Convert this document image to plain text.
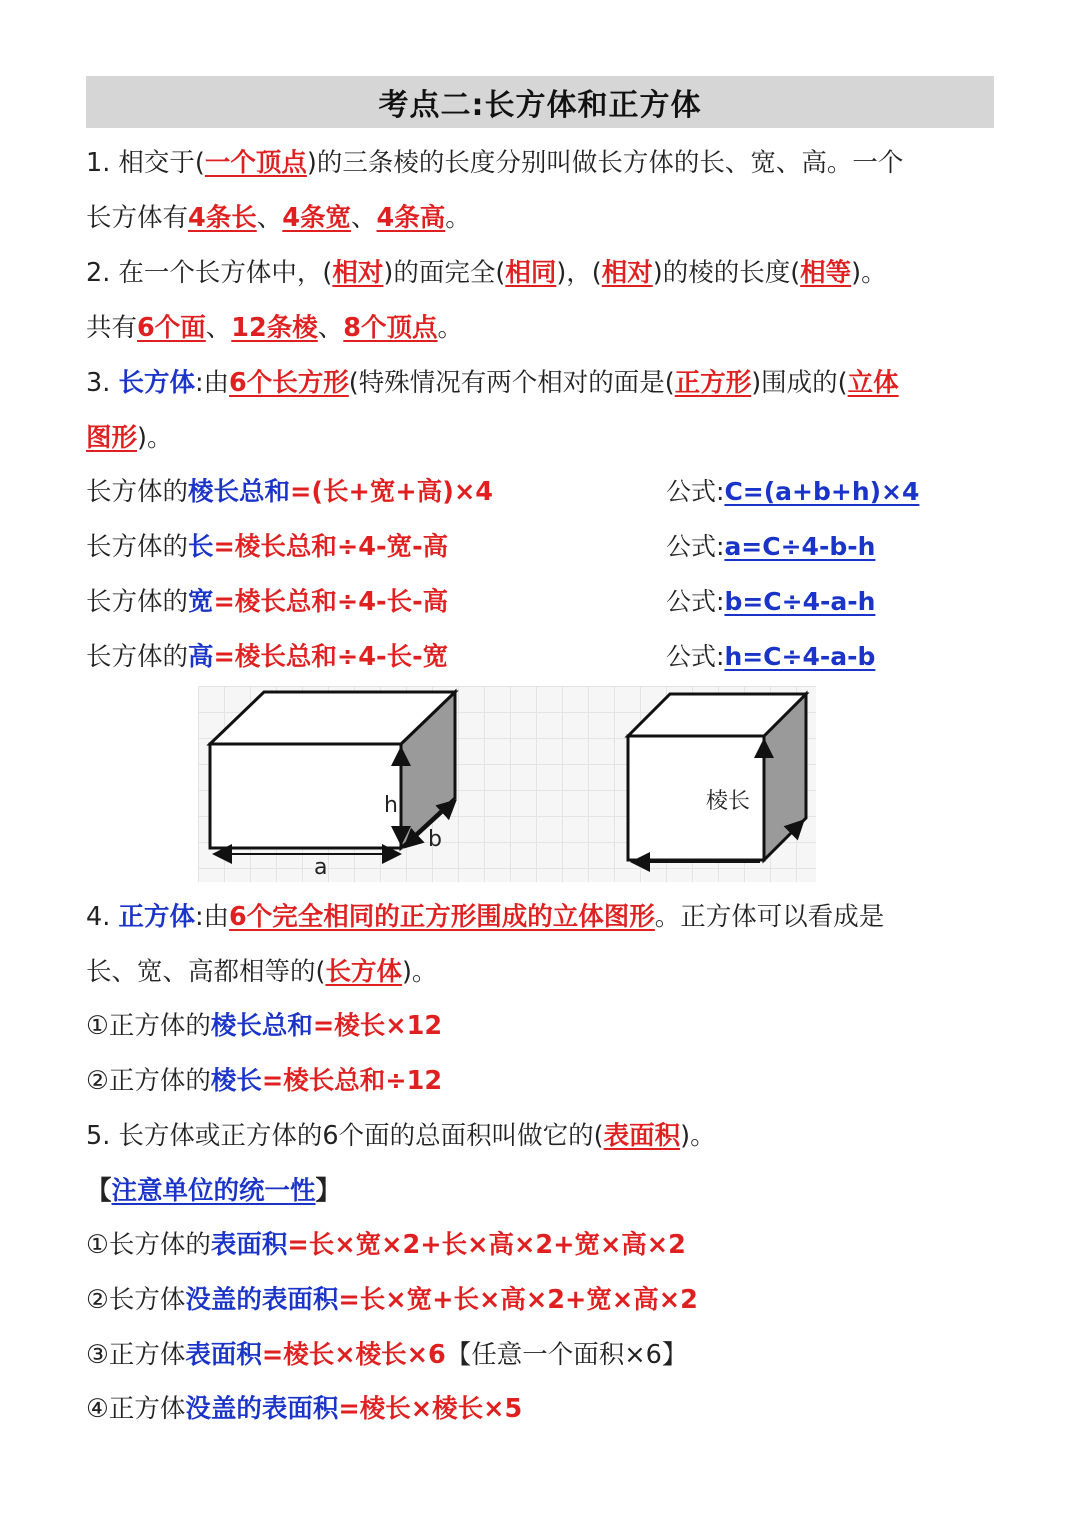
考点二:长方体和正方体
1. 相交于(一个顶点)的三条棱的长度分别叫做长方体的长、宽、高。一个
长方体有4条长、4条宽、4条高。
2. 在一个长方体中，(相对)的面完全(相同)，(相对)的棱的长度(相等)。
共有6个面、12条棱、8个顶点。
3. 长方体:由6个长方形(特殊情况有两个相对的面是(正方形)围成的(立体
图形)。
长方体的棱长总和=(长+宽+高)×4	公式:C=(a+b+h)×4
长方体的长=棱长总和÷4-宽-高	公式:a=C÷4-b-h
长方体的宽=棱长总和÷4-长-高	公式:b=C÷4-a-h
长方体的高=棱长总和÷4-长-宽	公式:h=C÷4-a-b
h
b
a
棱长
4. 正方体:由6个完全相同的正方形围成的立体图形。正方体可以看成是
长、宽、高都相等的(长方体)。
①正方体的棱长总和=棱长×12
②正方体的棱长=棱长总和÷12
5. 长方体或正方体的6个面的总面积叫做它的(表面积)。
【注意单位的统一性】
①长方体的表面积=长×宽×2+长×高×2+宽×高×2
②长方体没盖的表面积=长×宽+长×高×2+宽×高×2
③正方体表面积=棱长×棱长×6【任意一个面积×6】
④正方体没盖的表面积=棱长×棱长×5
